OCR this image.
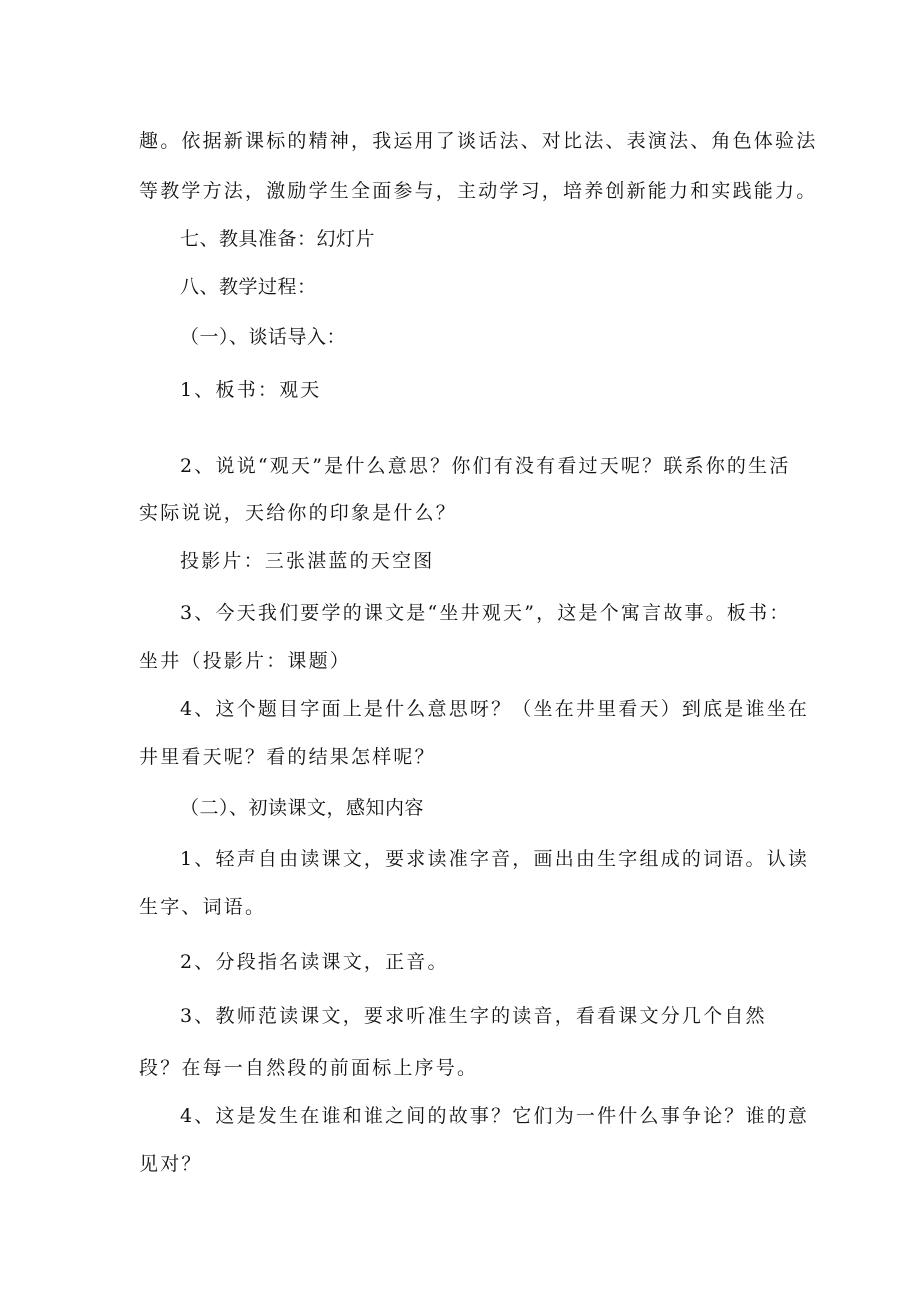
趣。依据新课标的精神，我运用了谈话法、对比法、表演法、角色体验法
等教学方法，激励学生全面参与，主动学习，培养创新能力和实践能力。
七、教具准备：幻灯片
八、教学过程：
（一）、谈话导入：
1、板书：观天
2、说说“观天”是什么意思？你们有没有看过天呢？联系你的生活
实际说说，天给你的印象是什么？
投影片：三张湛蓝的天空图
3、今天我们要学的课文是“坐井观天”，这是个寓言故事。板书：
坐井（投影片：课题）
4、这个题目字面上是什么意思呀？（坐在井里看天）到底是谁坐在
井里看天呢？看的结果怎样呢？
（二）、初读课文，感知内容
1、轻声自由读课文，要求读准字音，画出由生字组成的词语。认读
生字、词语。
2、分段指名读课文，正音。
3、教师范读课文，要求听准生字的读音，看看课文分几个自然
段？在每一自然段的前面标上序号。
4、这是发生在谁和谁之间的故事？它们为一件什么事争论？谁的意
见对？
